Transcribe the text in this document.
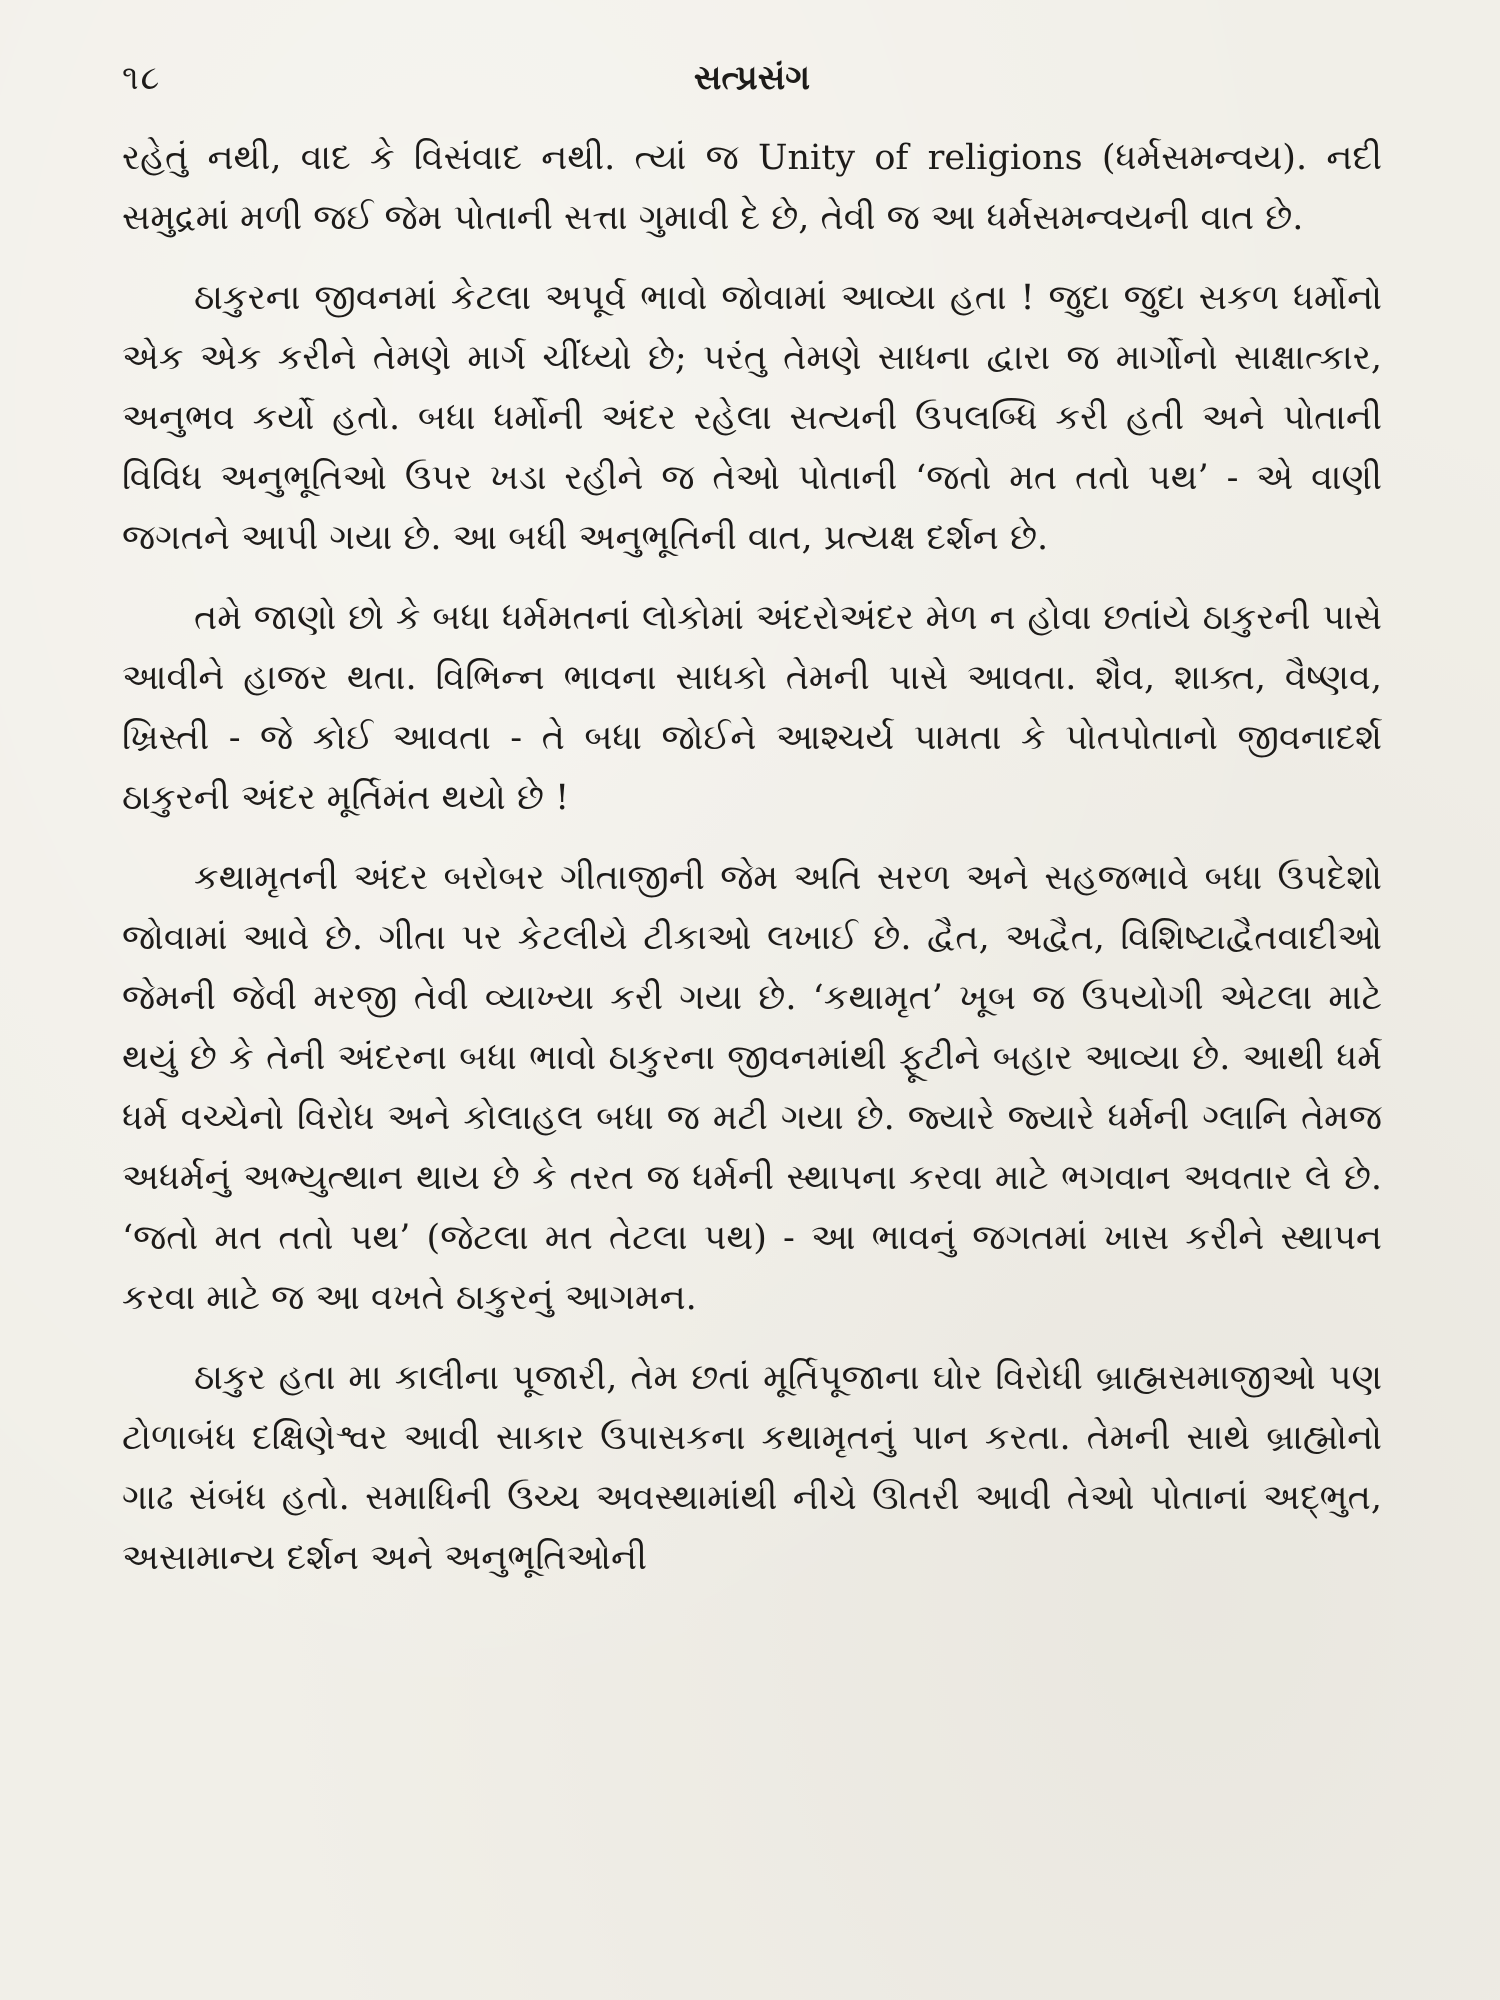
૧૮	સત્પ્રસંગ

રહેતું નથી, વાદ કે વિસંવાદ નથી. ત્યાં જ Unity of religions (ધર્મસમન્વય). નદી સમુદ્રમાં મળી જઈ જેમ પોતાની સત્તા ગુમાવી દે છે, તેવી જ આ ધર્મસમન્વયની વાત છે.

ઠાકુરના જીવનમાં કેટલા અપૂર્વ ભાવો જોવામાં આવ્યા હતા ! જુદા જુદા સકળ ધર્મોનો એક એક કરીને તેમણે માર્ગ ચીંધ્યો છે; પરંતુ તેમણે સાધના દ્વારા જ માર્ગોનો સાક્ષાત્કાર, અનુભવ કર્યો હતો. બધા ધર્મોની અંદર રહેલા સત્યની ઉપલબ્ધિ કરી હતી અને પોતાની વિવિધ અનુભૂતિઓ ઉપર ખડા રહીને જ તેઓ પોતાની ‘જતો મત તતો પથ’ - એ વાણી જગતને આપી ગયા છે. આ બધી અનુભૂતિની વાત, પ્રત્યક્ષ દર્શન છે.

તમે જાણો છો કે બધા ધર્મમતનાં લોકોમાં અંદરોઅંદર મેળ ન હોવા છતાંયે ઠાકુરની પાસે આવીને હાજર થતા. વિભિન્ન ભાવના સાધકો તેમની પાસે આવતા. શૈવ, શાક્ત, વૈષ્ણવ, ખ્રિસ્તી - જે કોઈ આવતા - તે બધા જોઈને આશ્ચર્ય પામતા કે પોતપોતાનો જીવનાદર્શ ઠાકુરની અંદર મૂર્તિમંત થયો છે !

કથામૃતની અંદર બરોબર ગીતાજીની જેમ અતિ સરળ અને સહજભાવે બધા ઉપદેશો જોવામાં આવે છે. ગીતા પર કેટલીયે ટીકાઓ લખાઈ છે. દ્વૈત, અદ્વૈત, વિશિષ્ટાદ્વૈતવાદીઓ જેમની જેવી મરજી તેવી વ્યાખ્યા કરી ગયા છે. ‘કથામૃત’ ખૂબ જ ઉપયોગી એટલા માટે થયું છે કે તેની અંદરના બધા ભાવો ઠાકુરના જીવનમાંથી ફૂટીને બહાર આવ્યા છે. આથી ધર્મ ધર્મ વચ્ચેનો વિરોધ અને કોલાહલ બધા જ મટી ગયા છે. જ્યારે જ્યારે ધર્મની ગ્લાનિ તેમજ અધર્મનું અભ્યુત્થાન થાય છે કે તરત જ ધર્મની સ્થાપના કરવા માટે ભગવાન અવતાર લે છે. ‘જતો મત તતો પથ’ (જેટલા મત તેટલા પથ) - આ ભાવનું જગતમાં ખાસ કરીને સ્થાપન કરવા માટે જ આ વખતે ઠાકુરનું આગમન.

ઠાકુર હતા મા કાલીના પૂજારી, તેમ છતાં મૂર્તિપૂજાના ઘોર વિરોધી બ્રાહ્મસમાજીઓ પણ ટોળાબંધ દક્ષિણેશ્વર આવી સાકાર ઉપાસકના કથામૃતનું પાન કરતા. તેમની સાથે બ્રાહ્મોનો ગાઢ સંબંધ હતો. સમાધિની ઉચ્ચ અવસ્થામાંથી નીચે ઊતરી આવી તેઓ પોતાનાં અદ્ભુત, અસામાન્ય દર્શન અને અનુભૂતિઓની
